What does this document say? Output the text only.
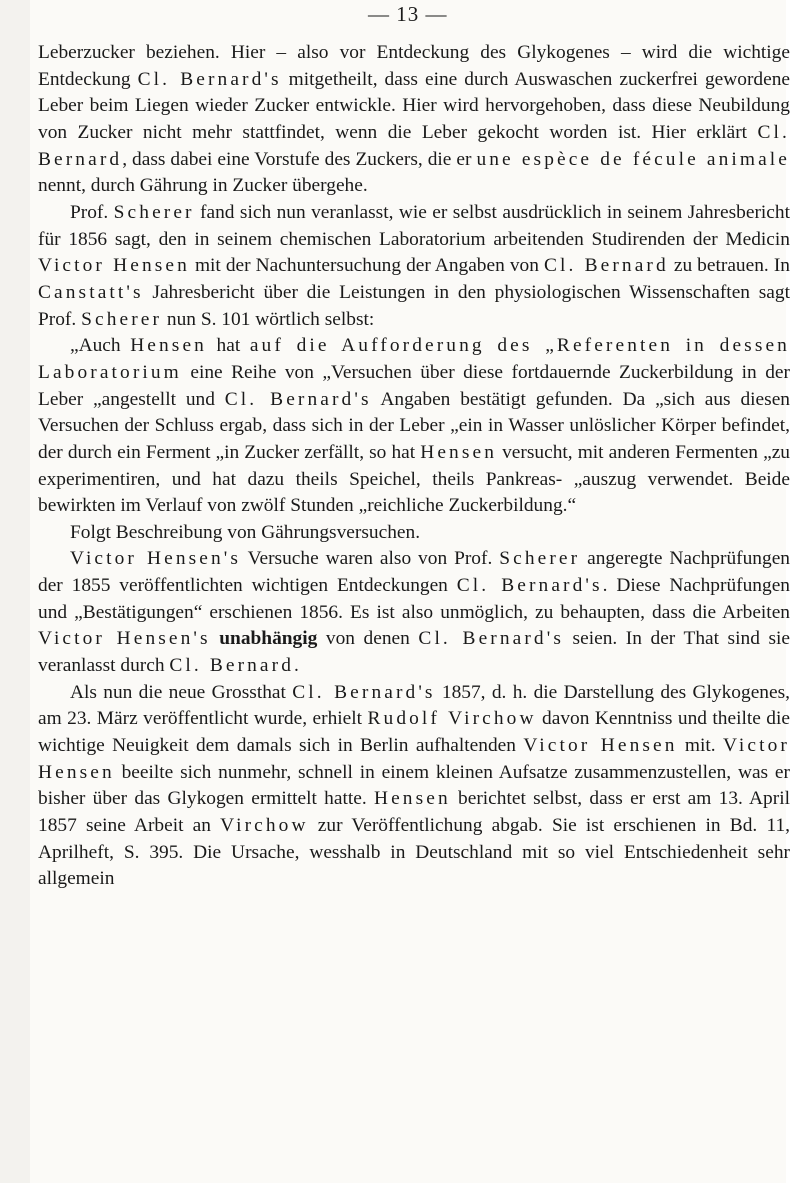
— 13 —

Leberzucker beziehen. Hier – also vor Entdeckung des Glykogenes – wird die wichtige Entdeckung Cl. Bernard's mitgetheilt, dass eine durch Auswaschen zuckerfrei gewordene Leber beim Liegen wieder Zucker entwickle. Hier wird hervorgehoben, dass diese Neubildung von Zucker nicht mehr stattfindet, wenn die Leber gekocht worden ist. Hier erklärt Cl. Bernard, dass dabei eine Vorstufe des Zuckers, die er une espèce de fécule animale nennt, durch Gährung in Zucker übergehe.

Prof. Scherer fand sich nun veranlasst, wie er selbst ausdrücklich in seinem Jahresbericht für 1856 sagt, den in seinem chemischen Laboratorium arbeitenden Studirenden der Medicin Victor Hensen mit der Nachuntersuchung der Angaben von Cl. Bernard zu betrauen. In Canstatt's Jahresbericht über die Leistungen in den physiologischen Wissenschaften sagt Prof. Scherer nun S. 101 wörtlich selbst:

„Auch Hensen hat auf die Aufforderung des „Referenten in dessen Laboratorium eine Reihe von „Versuchen über diese fortdauernde Zuckerbildung in der Leber „angestellt und Cl. Bernard's Angaben bestätigt gefunden. Da „sich aus diesen Versuchen der Schluss ergab, dass sich in der Leber „ein in Wasser unlöslicher Körper befindet, der durch ein Ferment „in Zucker zerfällt, so hat Hensen versucht, mit anderen Fermenten „zu experimentiren, und hat dazu theils Speichel, theils Pankreas- „auszug verwendet. Beide bewirkten im Verlauf von zwölf Stunden „reichliche Zuckerbildung.“

Folgt Beschreibung von Gährungsversuchen.

Victor Hensen's Versuche waren also von Prof. Scherer angeregte Nachprüfungen der 1855 veröffentlichten wichtigen Entdeckungen Cl. Bernard's. Diese Nachprüfungen und „Bestätigungen“ erschienen 1856. Es ist also unmöglich, zu behaupten, dass die Arbeiten Victor Hensen's unabhängig von denen Cl. Bernard's seien. In der That sind sie veranlasst durch Cl. Bernard.

Als nun die neue Grossthat Cl. Bernard's 1857, d. h. die Darstellung des Glykogenes, am 23. März veröffentlicht wurde, erhielt Rudolf Virchow davon Kenntniss und theilte die wichtige Neuigkeit dem damals sich in Berlin aufhaltenden Victor Hensen mit. Victor Hensen beeilte sich nunmehr, schnell in einem kleinen Aufsatze zusammenzustellen, was er bisher über das Glykogen ermittelt hatte. Hensen berichtet selbst, dass er erst am 13. April 1857 seine Arbeit an Virchow zur Veröffentlichung abgab. Sie ist erschienen in Bd. 11, Aprilheft, S. 395. Die Ursache, wesshalb in Deutschland mit so viel Entschiedenheit sehr allgemein
